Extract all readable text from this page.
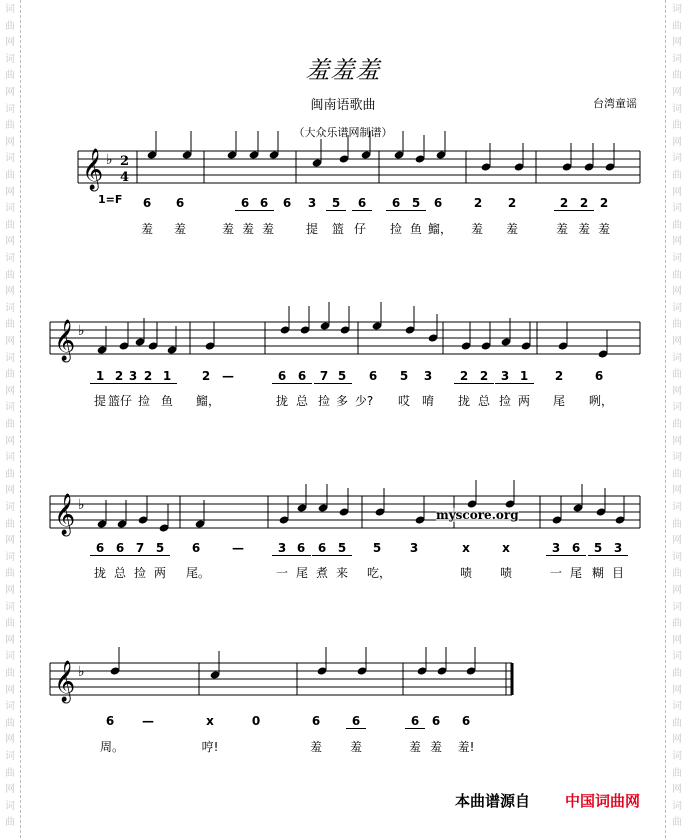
词
曲
网
词
曲
网
词
曲
网
词
曲
网
词
曲
网
词
曲
网
词
曲
网
词
曲
网
词
曲
网
词
曲
网
词
曲
网
词
曲
网
词
曲
网
词
曲
网
词
曲
网
词
曲
网
词
曲
词
曲
网
词
曲
网
词
曲
网
词
曲
网
词
曲
网
词
曲
网
词
曲
网
词
曲
网
词
曲
网
词
曲
网
词
曲
网
词
曲
网
词
曲
网
词
曲
网
词
曲
网
词
曲
网
词
曲
羞羞羞
闽南语歌曲	台湾童谣
（大众乐谱网制谱）
1=F
𝄞 ♭ 2
4
𝄞 ♭
𝄞 ♭
𝄞 ♭
6	6	6 6	6	3	5	6	6 5	6	2	2	2 2 2
羞	羞	羞 羞 羞	提	篮 仔	捡 鱼 鰡，	羞	羞	羞 羞 羞
1 2 3 2 1	2 —	6 6	7 5	6	5	3	2 2	3 1	2	6
提 篮仔 捡 鱼	鰡，	拢 总 捡 多 少?	哎 唷	拢 总 捡 两	尾	咧，
6 6 7 5	6	—	3 6	6 5	5	3	x	x	3 6	5 3
拢 总 捡 两	尾。	一 尾 煮 来	吃，	啧	啧	一 尾 糊 目
6	—	x	0	6	6	6	6	6
周。	哼!	羞	羞	羞 羞	羞!
myscore.org
本曲谱源自 中国词曲网
